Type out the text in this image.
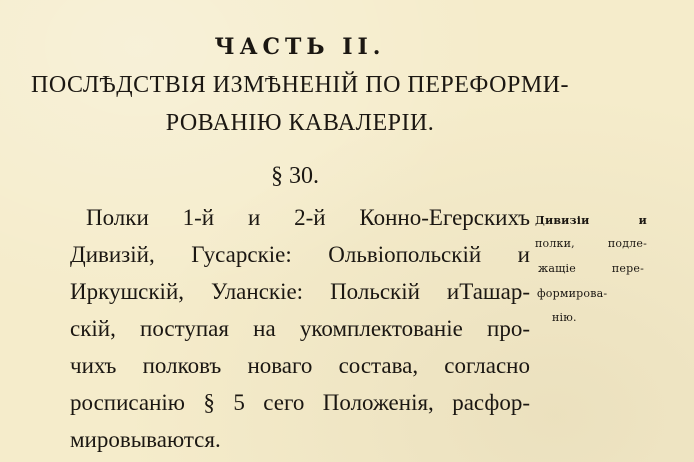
ЧАСТЬ II.
ПОСЛѢДСТВІЯ ИЗМѢНЕНІЙ ПО ПЕРЕФОРМИ-
РОВАНІЮ КАВАЛЕРІИ.
§ 30.
Полки 1-й и 2-й Конно-Егерскихъ
Дивизій, Гусарскіе: Ольвіопольскій и
Иркушскій, Уланскіе: Польскій иТашар-
скій, поступая на укомплектованіе про-
чихъ полковъ новаго состава, согласно
росписанію § 5 сего Положенія, расфор-
мировываются.
Дивизіи и
полки, подле-
жащіе пере-
формирова-
нію.
